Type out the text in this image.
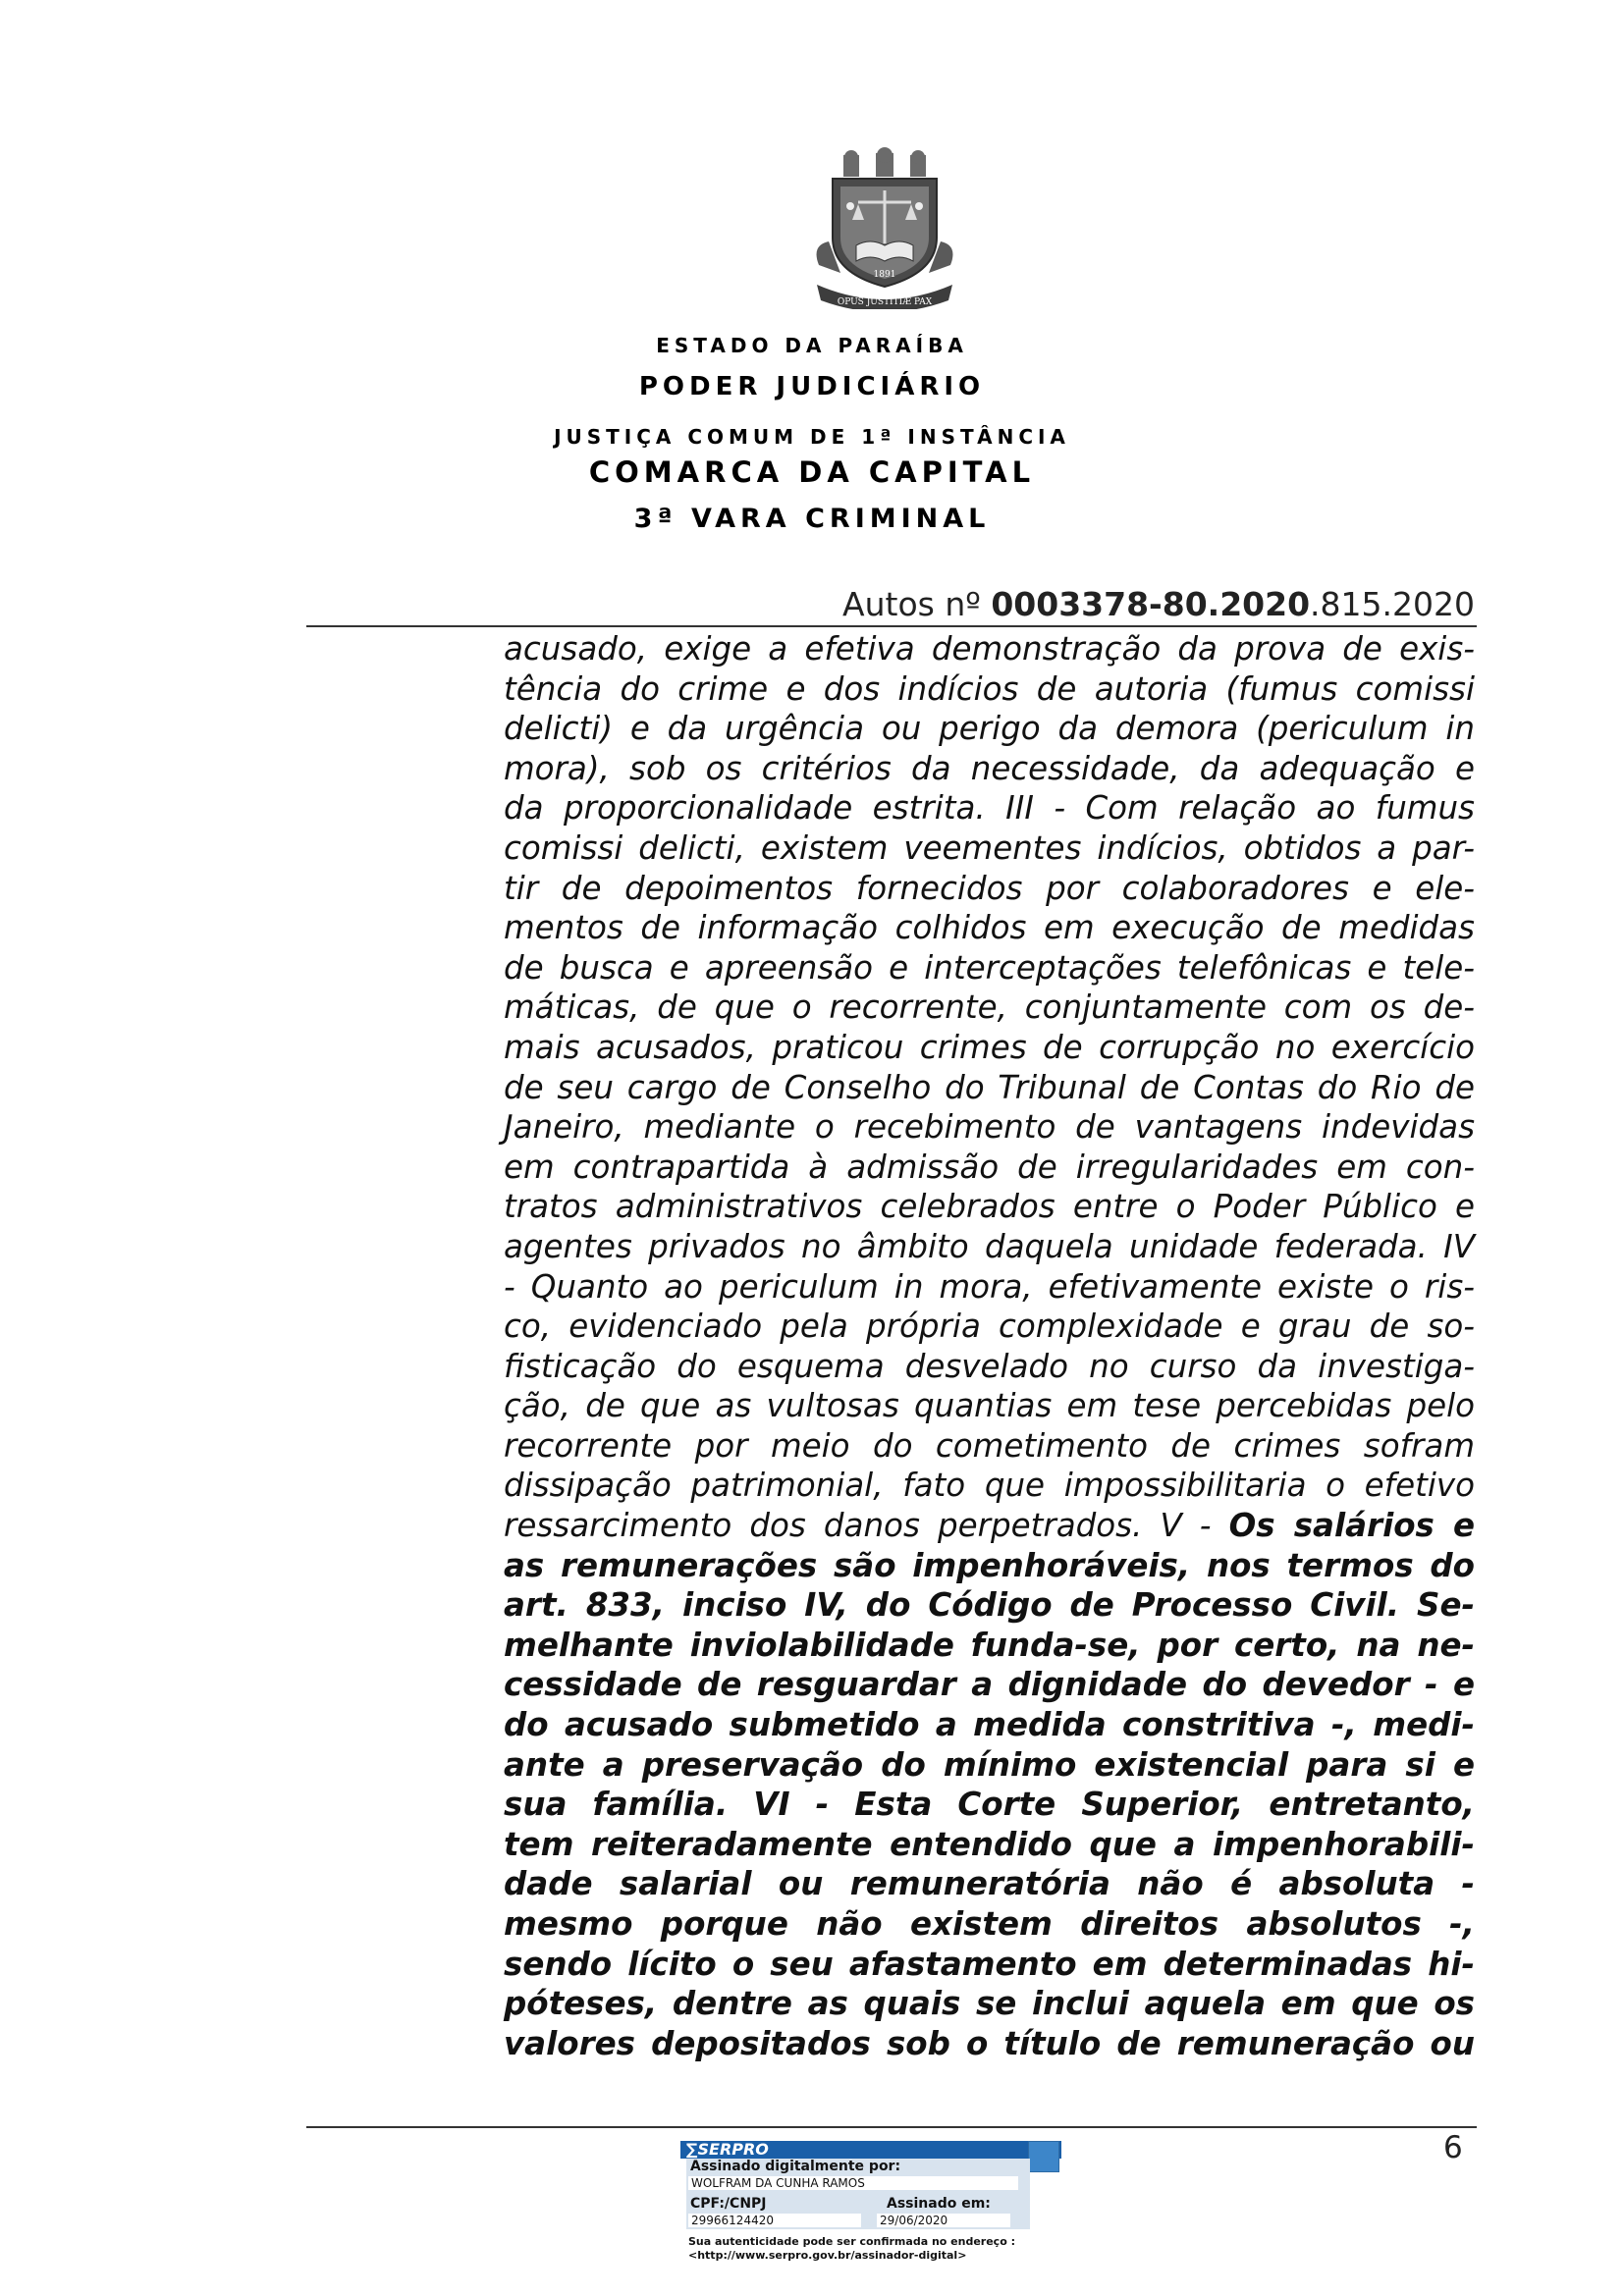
1891
OPUS JUSTITIÆ PAX
ESTADO DA PARAÍBA
PODER JUDICIÁRIO
JUSTIÇA COMUM DE 1ª INSTÂNCIA
COMARCA DA CAPITAL
3ª VARA CRIMINAL
Autos nº 0003378-80.2020.815.2020
acusado, exige a efetiva demonstração da prova de exis-
tência do crime e dos indícios de autoria (fumus comissi
delicti) e da urgência ou perigo da demora (periculum in
mora), sob os critérios da necessidade, da adequação e
da proporcionalidade estrita. III - Com relação ao fumus
comissi delicti, existem veementes indícios, obtidos a par-
tir de depoimentos fornecidos por colaboradores e ele-
mentos de informação colhidos em execução de medidas
de busca e apreensão e interceptações telefônicas e tele-
máticas, de que o recorrente, conjuntamente com os de-
mais acusados, praticou crimes de corrupção no exercício
de seu cargo de Conselho do Tribunal de Contas do Rio de
Janeiro, mediante o recebimento de vantagens indevidas
em contrapartida à admissão de irregularidades em con-
tratos administrativos celebrados entre o Poder Público e
agentes privados no âmbito daquela unidade federada. IV
- Quanto ao periculum in mora, efetivamente existe o ris-
co, evidenciado pela própria complexidade e grau de so-
fisticação do esquema desvelado no curso da investiga-
ção, de que as vultosas quantias em tese percebidas pelo
recorrente por meio do cometimento de crimes sofram
dissipação patrimonial, fato que impossibilitaria o efetivo
ressarcimento dos danos perpetrados. V - Os salários e
as remunerações são impenhoráveis, nos termos do
art. 833, inciso IV, do Código de Processo Civil. Se-
melhante inviolabilidade funda-se, por certo, na ne-
cessidade de resguardar a dignidade do devedor - e
do acusado submetido a medida constritiva -, medi-
ante a preservação do mínimo existencial para si e
sua família. VI - Esta Corte Superior, entretanto,
tem reiteradamente entendido que a impenhorabili-
dade salarial ou remuneratória não é absoluta -
mesmo porque não existem direitos absolutos -,
sendo lícito o seu afastamento em determinadas hi-
póteses, dentre as quais se inclui aquela em que os
valores depositados sob o título de remuneração ou
6
∑SERPRO
Assinado digitalmente por:
WOLFRAM DA CUNHA RAMOS
CPF:/CNPJ	Assinado em:
29966124420	29/06/2020
Sua autenticidade pode ser confirmada no endereço :
<http://www.serpro.gov.br/assinador-digital>
